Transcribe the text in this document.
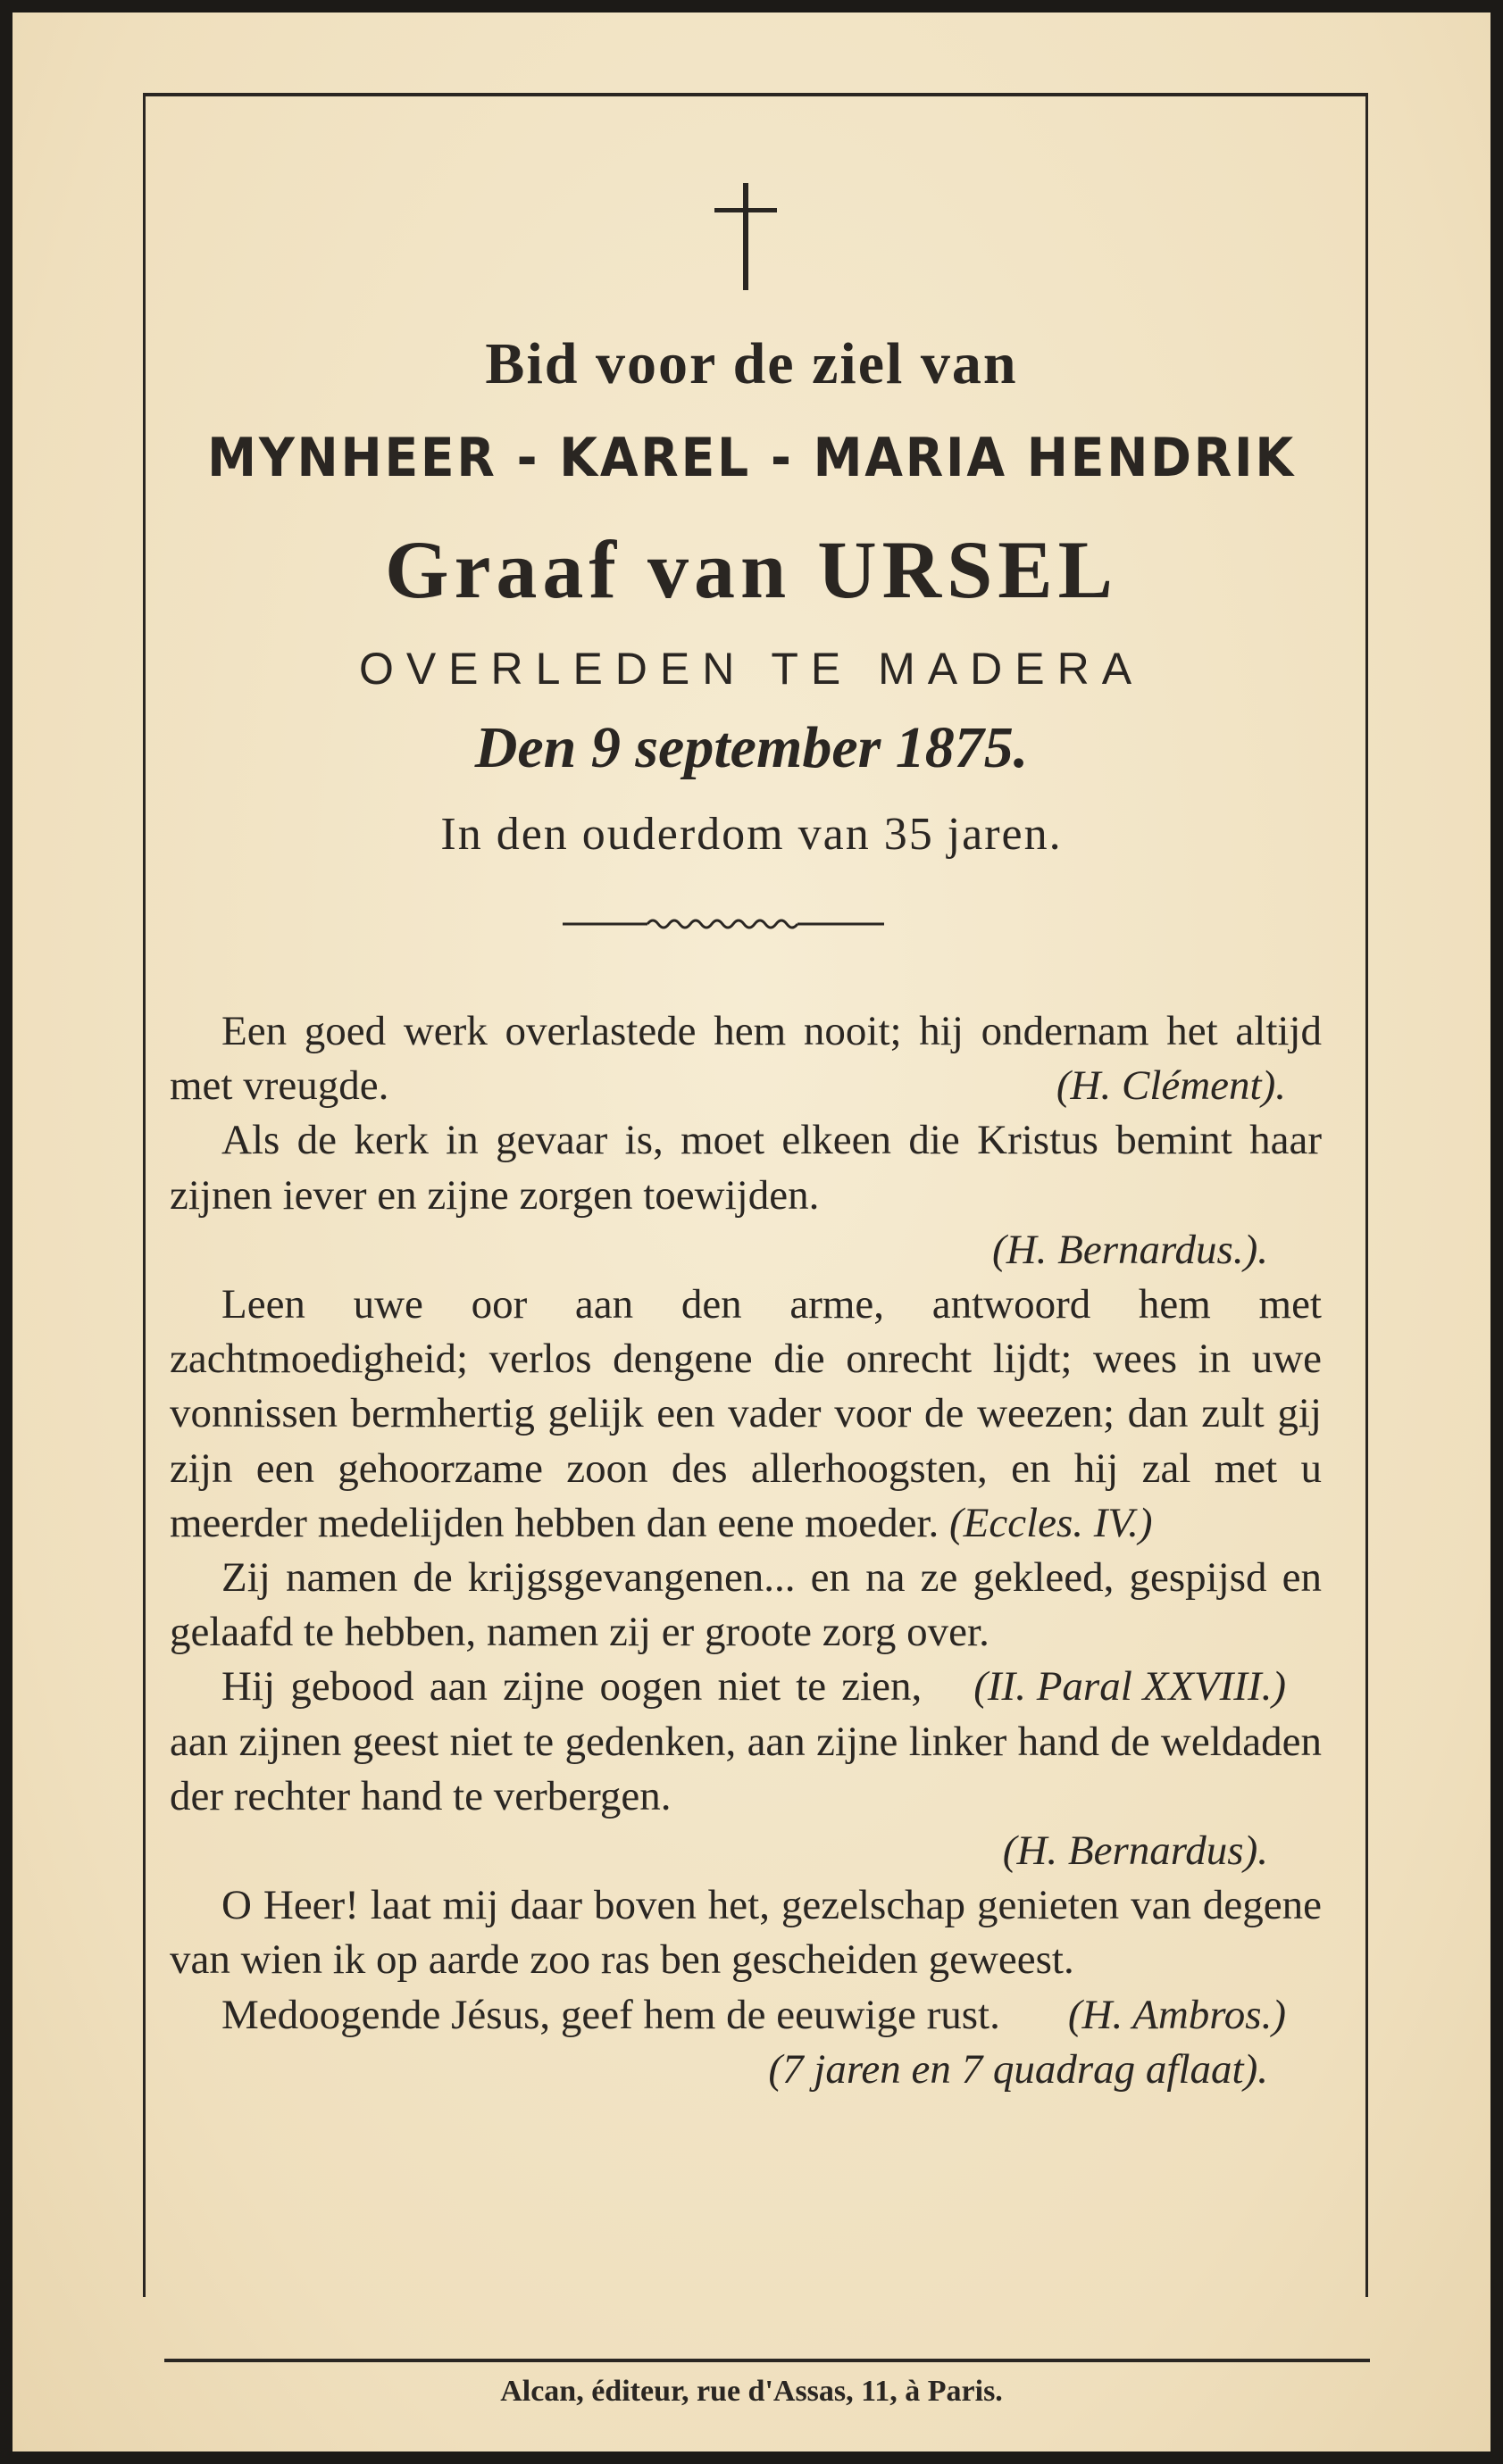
Bid voor de ziel van
MYNHEER - KAREL - MARIA HENDRIK
Graaf van URSEL
OVERLEDEN TE MADERA
Den 9 september 1875.
In den ouderdom van 35 jaren.

Een goed werk overlastede hem nooit; hij ondernam het altijd met vreugde.	(H. Clément).

Als de kerk in gevaar is, moet elkeen die Kristus bemint haar zijnen iever en zijne zorgen toewijden.
(H. Bernardus.).

Leen uwe oor aan den arme, antwoord hem met zachtmoedigheid; verlos dengene die onrecht lijdt; wees in uwe vonnissen bermhertig gelijk een vader voor de weezen; dan zult gij zijn een gehoorzame zoon des allerhoogsten, en hij zal met u meerder medelijden hebben dan eene moeder. (Eccles. IV.)

Zij namen de krijgsgevangenen... en na ze gekleed, gespijsd en gelaafd te hebben, namen zij er groote zorg over.
(II. Paral XXVIII.)

Hij gebood aan zijne oogen niet te zien, aan zijnen geest niet te gedenken, aan zijne linker hand de weldaden der rechter hand te verbergen.
(H. Bernardus).

O Heer! laat mij daar boven het, gezelschap genieten van degene van wien ik op aarde zoo ras ben gescheiden geweest.
(H. Ambros.)

Medoogende Jésus, geef hem de eeuwige rust.
(7 jaren en 7 quadrag aflaat).

Alcan, éditeur, rue d'Assas, 11, à Paris.
